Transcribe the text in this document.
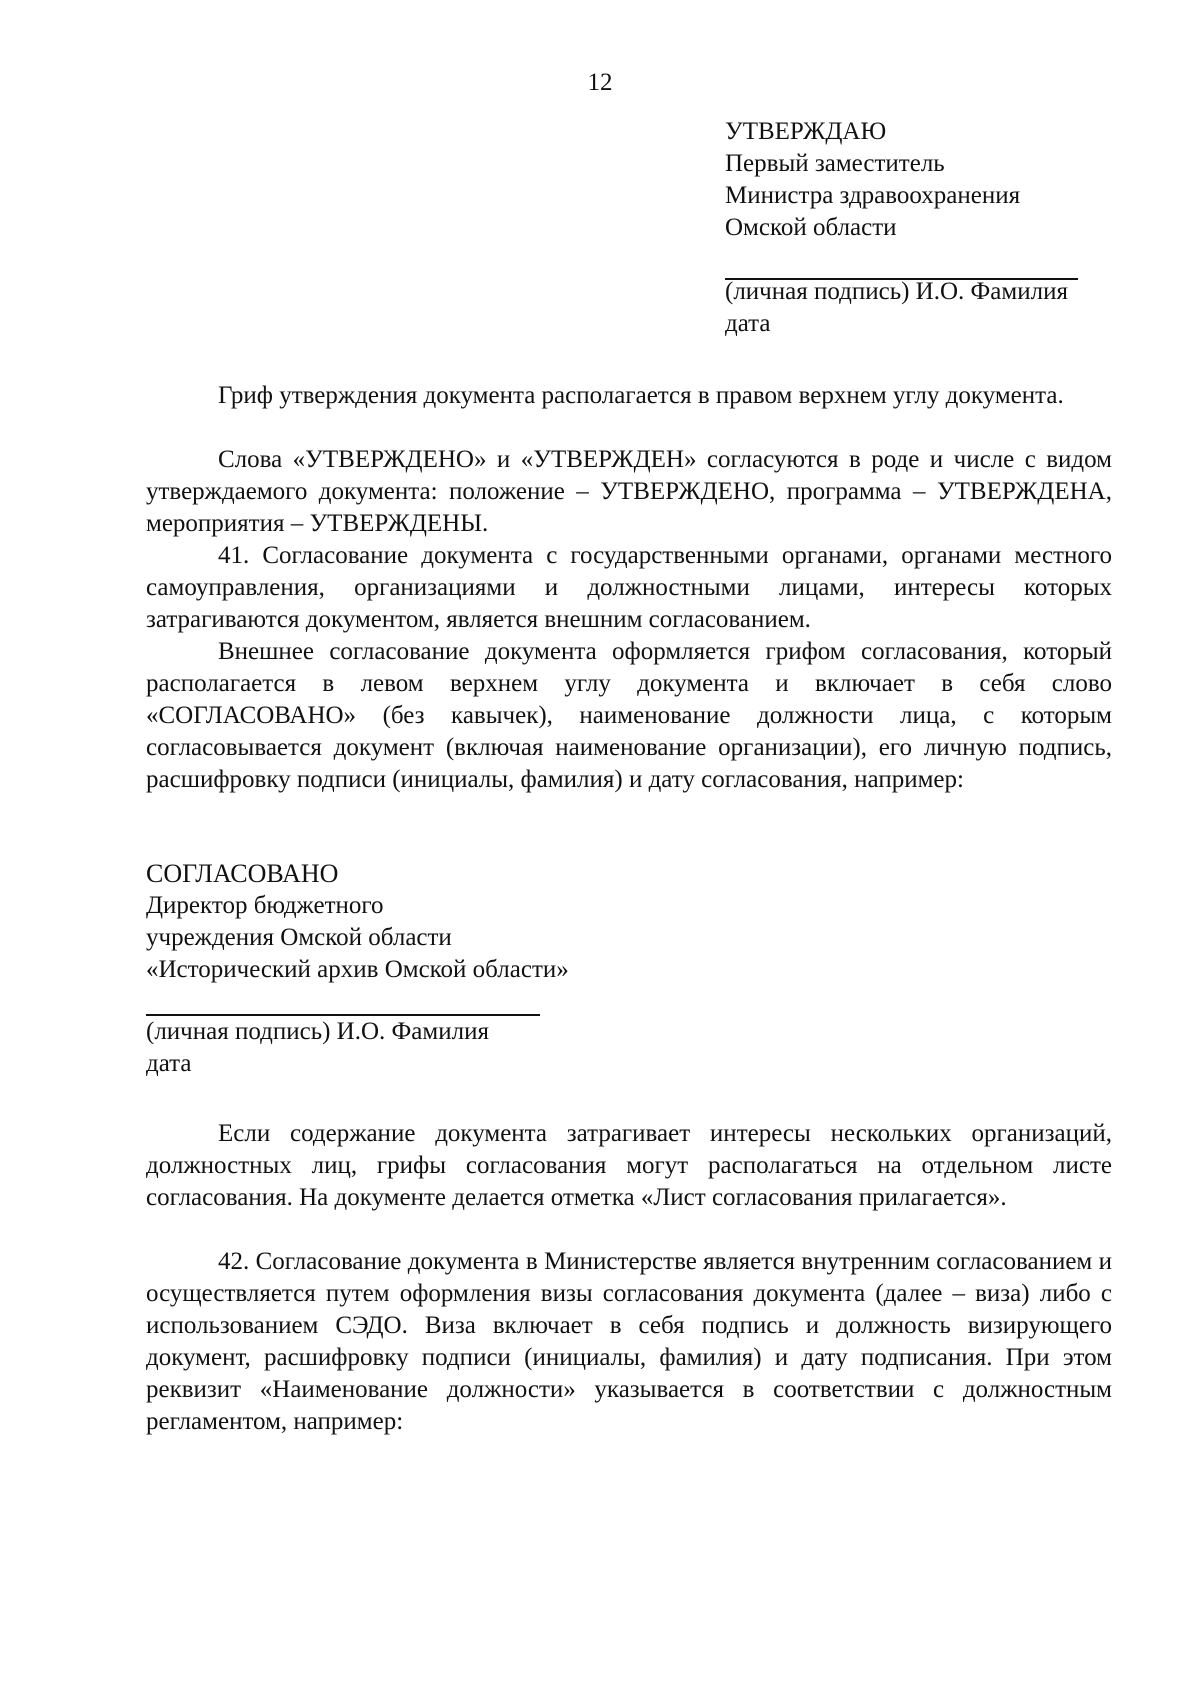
12
УТВЕРЖДАЮ
Первый заместитель
Министра здравоохранения
Омской области
(личная подпись) И.О. Фамилия
дата

Гриф утверждения документа располагается в правом верхнем углу документа.

Слова «УТВЕРЖДЕНО» и «УТВЕРЖДЕН» согласуются в роде и числе с видом утверждаемого документа: положение – УТВЕРЖДЕНО, программа – УТВЕРЖДЕНА, мероприятия – УТВЕРЖДЕНЫ.

41. Согласование документа с государственными органами, органами местного самоуправления, организациями и должностными лицами, интересы которых затрагиваются документом, является внешним согласованием.

Внешнее согласование документа оформляется грифом согласования, который располагается в левом верхнем углу документа и включает в себя слово «СОГЛАСОВАНО» (без кавычек), наименование должности лица, с которым согласовывается документ (включая наименование организации), его личную подпись, расшифровку подписи (инициалы, фамилия) и дату согласования, например:

СОГЛАСОВАНО
Директор бюджетного
учреждения Омской области
«Исторический архив Омской области»
(личная подпись) И.О. Фамилия
дата

Если содержание документа затрагивает интересы нескольких организаций, должностных лиц, грифы согласования могут располагаться на отдельном листе согласования. На документе делается отметка «Лист согласования прилагается».

42. Согласование документа в Министерстве является внутренним согласованием и осуществляется путем оформления визы согласования документа (далее – виза) либо с использованием СЭДО. Виза включает в себя подпись и должность визирующего документ, расшифровку подписи (инициалы, фамилия) и дату подписания. При этом реквизит «Наименование должности» указывается в соответствии с должностным регламентом, например:
